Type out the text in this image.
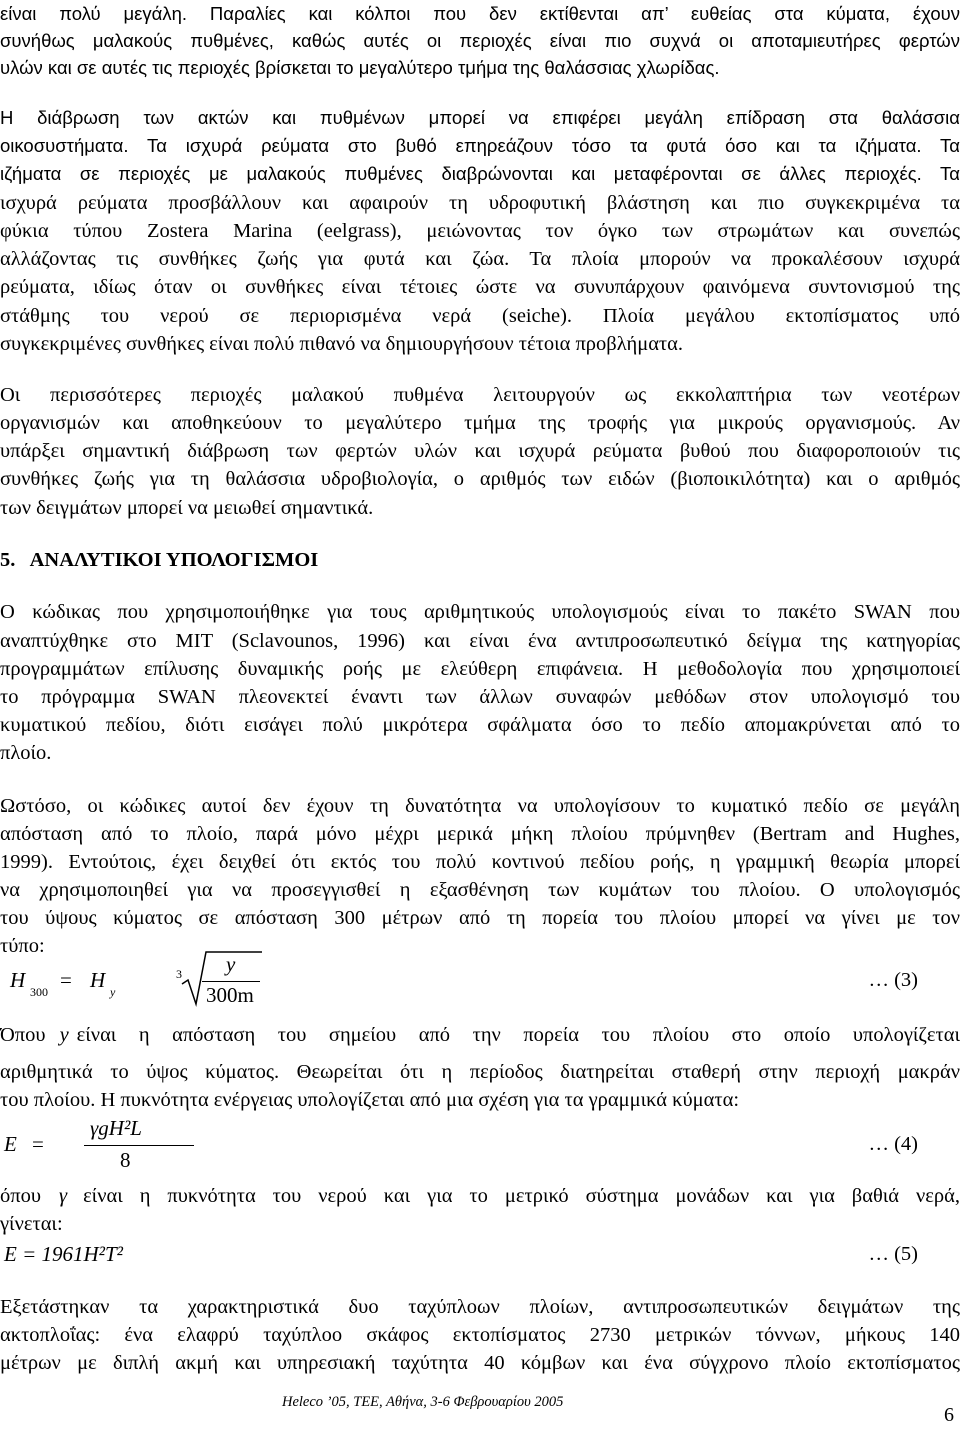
είναι πολύ μεγάλη. Παραλίες και κόλποι που δεν εκτίθενται απ’ ευθείας στα κύματα, έχουν

συνήθως μαλακούς πυθμένες, καθώς αυτές οι περιοχές είναι πιο συχνά οι αποταμιευτήρες φερτών

υλών και σε αυτές τις περιοχές βρίσκεται το μεγαλύτερο τμήμα της θαλάσσιας χλωρίδας.

Η διάβρωση των ακτών και πυθμένων μπορεί να επιφέρει μεγάλη επίδραση στα θαλάσσια

οικοσυστήματα. Τα ισχυρά ρεύματα στο βυθό επηρεάζουν τόσο τα φυτά όσο και τα ιζήματα. Τα

ιζήματα σε περιοχές με μαλακούς πυθμένες διαβρώνονται και μεταφέρονται σε άλλες περιοχές. Τα

ισχυρά ρεύματα προσβάλλουν και αφαιρούν τη υδροφυτική βλάστηση και πιο συγκεκριμένα τα

φύκια τύπου Zostera Marina (eelgrass), μειώνοντας τον όγκο των στρωμάτων και συνεπώς

αλλάζοντας τις συνθήκες ζωής για φυτά και ζώα. Τα πλοία μπορούν να προκαλέσουν ισχυρά

ρεύματα, ιδίως όταν οι συνθήκες είναι τέτοιες ώστε να συνυπάρχουν φαινόμενα συντονισμού της

στάθμης του νερού σε περιορισμένα νερά (seiche). Πλοία μεγάλου εκτοπίσματος υπό

συγκεκριμένες συνθήκες είναι πολύ πιθανό να δημιουργήσουν τέτοια προβλήματα.

Οι περισσότερες περιοχές μαλακού πυθμένα λειτουργούν ως εκκολαπτήρια των νεοτέρων

οργανισμών και αποθηκεύουν το μεγαλύτερο τμήμα της τροφής για μικρούς οργανισμούς. Αν

υπάρξει σημαντική διάβρωση των φερτών υλών και ισχυρά ρεύματα βυθού που διαφοροποιούν τις

συνθήκες ζωής για τη θαλάσσια υδροβιολογία, ο αριθμός των ειδών (βιοποικιλότητα) και ο αριθμός

των δειγμάτων μπορεί να μειωθεί σημαντικά.

5.   ΑΝΑΛΥΤΙΚΟΙ ΥΠΟΛΟΓΙΣΜΟΙ

Ο κώδικας που χρησιμοποιήθηκε για τους αριθμητικούς υπολογισμούς είναι το πακέτο SWAN που

αναπτύχθηκε στο MIT (Sclavounos, 1996) και είναι ένα αντιπροσωπευτικό δείγμα της κατηγορίας

προγραμμάτων επίλυσης δυναμικής ροής με ελεύθερη επιφάνεια. Η μεθοδολογία που χρησιμοποιεί

το πρόγραμμα SWAN πλεονεκτεί έναντι των άλλων συναφών μεθόδων στον υπολογισμό του

κυματικού πεδίου, διότι εισάγει πολύ μικρότερα σφάλματα όσο το πεδίο απομακρύνεται από το

πλοίο.

Ωστόσο, οι κώδικες αυτοί δεν έχουν τη δυνατότητα να υπολογίσουν το κυματικό πεδίο σε μεγάλη

απόσταση από το πλοίο, παρά μόνο μέχρι μερικά μήκη πλοίου πρύμνηθεν (Bertram and Hughes,

1999). Εντούτοις, έχει δειχθεί ότι εκτός του πολύ κοντινού πεδίου ροής, η γραμμική θεωρία μπορεί

να χρησιμοποιηθεί για να προσεγγισθεί η εξασθένηση των κυμάτων του πλοίου. Ο υπολογισμός

του ύψους κύματος σε απόσταση 300 μέτρων από τη πορεία του πλοίου μπορεί να γίνει με τον

τύπο:

H 300 = H y
3 y
300m
… (3)
Όπου y είναι η απόσταση του σημείου από την πορεία του πλοίου στο οποίο υπολογίζεται

αριθμητικά το ύψος κύματος. Θεωρείται ότι η περίοδος διατηρείται σταθερή στην περιοχή μακράν

του πλοίου. Η πυκνότητα ενέργειας υπολογίζεται από μια σχέση για τα γραμμικά κύματα:

E =
γgH²L
8
… (4)
όπου γ είναι η πυκνότητα του νερού και για το μετρικό σύστημα μονάδων και για βαθιά νερά,

γίνεται:

E = 1961H²T²	… (5)

Εξετάστηκαν τα χαρακτηριστικά δυο ταχύπλοων πλοίων, αντιπροσωπευτικών δειγμάτων της

ακτοπλοΐας: ένα ελαφρύ ταχύπλοο σκάφος εκτοπίσματος 2730 μετρικών τόννων, μήκους 140

μέτρων με διπλή ακμή και υπηρεσιακή ταχύτητα 40 κόμβων και ένα σύγχρονο πλοίο εκτοπίσματος

Heleco ’05, ΤΕΕ, Αθήνα, 3-6 Φεβρουαρίου 2005
6
